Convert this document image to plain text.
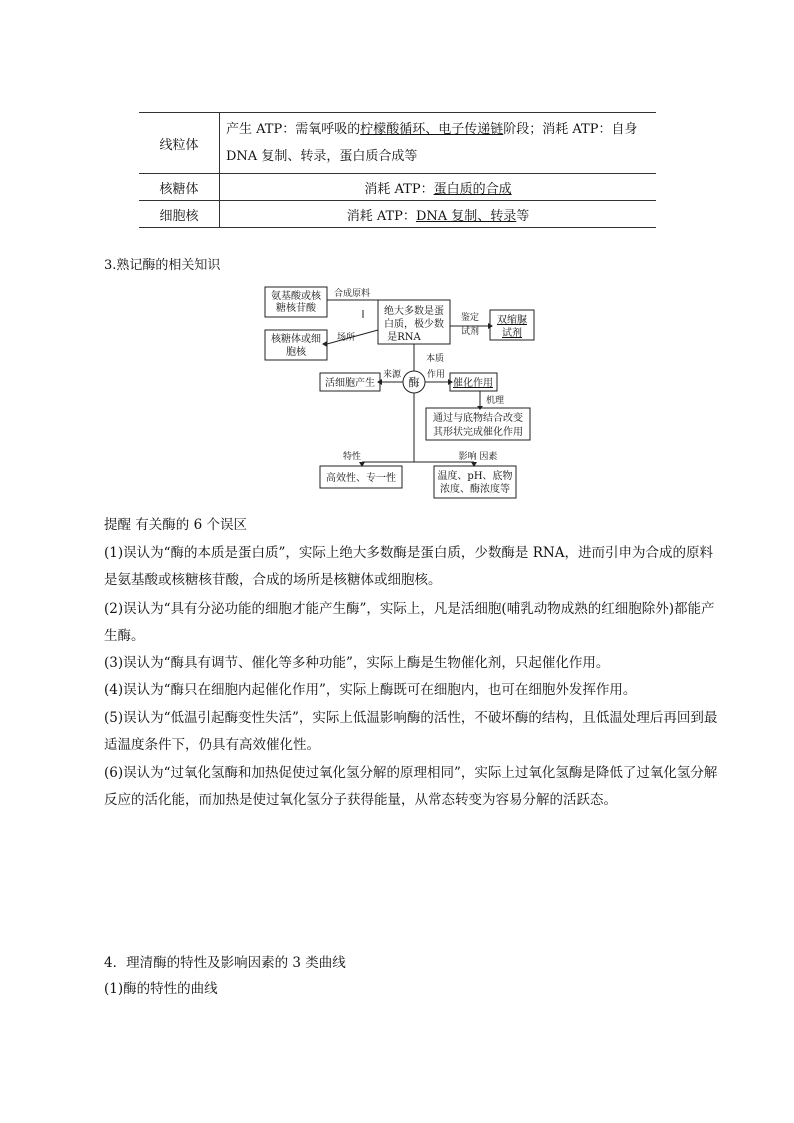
线粒体	产生 ATP：需氧呼吸的柠檬酸循环、电子传递链阶段；消耗 ATP：自身 DNA 复制、转录，蛋白质合成等
核糖体	消耗 ATP：蛋白质的合成
细胞核	消耗 ATP：DNA 复制、转录等
3.熟记酶的相关知识
氨基酸或核
糖核苷酸
合成原料
绝大多数是蛋
白质，极少数
是RNA
鉴定
试剂
双缩脲
试剂
核糖体或细
胞核
场所
本质
来源	作用
酶
活细胞产生	催化作用
机理
通过与底物结合改变
其形状完成催化作用
特性	影响 因素
高效性、专一性	温度、pH、底物
浓度、酶浓度等
提醒 有关酶的 6 个误区
(1)误认为“酶的本质是蛋白质”，实际上绝大多数酶是蛋白质，少数酶是 RNA，进而引申为合成的原料是氨基酸或核糖核苷酸，合成的场所是核糖体或细胞核。
(2)误认为“具有分泌功能的细胞才能产生酶”，实际上，凡是活细胞(哺乳动物成熟的红细胞除外)都能产生酶。
(3)误认为“酶具有调节、催化等多种功能”，实际上酶是生物催化剂，只起催化作用。
(4)误认为“酶只在细胞内起催化作用”，实际上酶既可在细胞内，也可在细胞外发挥作用。
(5)误认为“低温引起酶变性失活”，实际上低温影响酶的活性，不破坏酶的结构，且低温处理后再回到最适温度条件下，仍具有高效催化性。
(6)误认为“过氧化氢酶和加热促使过氧化氢分解的原理相同”，实际上过氧化氢酶是降低了过氧化氢分解反应的活化能，而加热是使过氧化氢分子获得能量，从常态转变为容易分解的活跃态。
4．理清酶的特性及影响因素的 3 类曲线
(1)酶的特性的曲线
